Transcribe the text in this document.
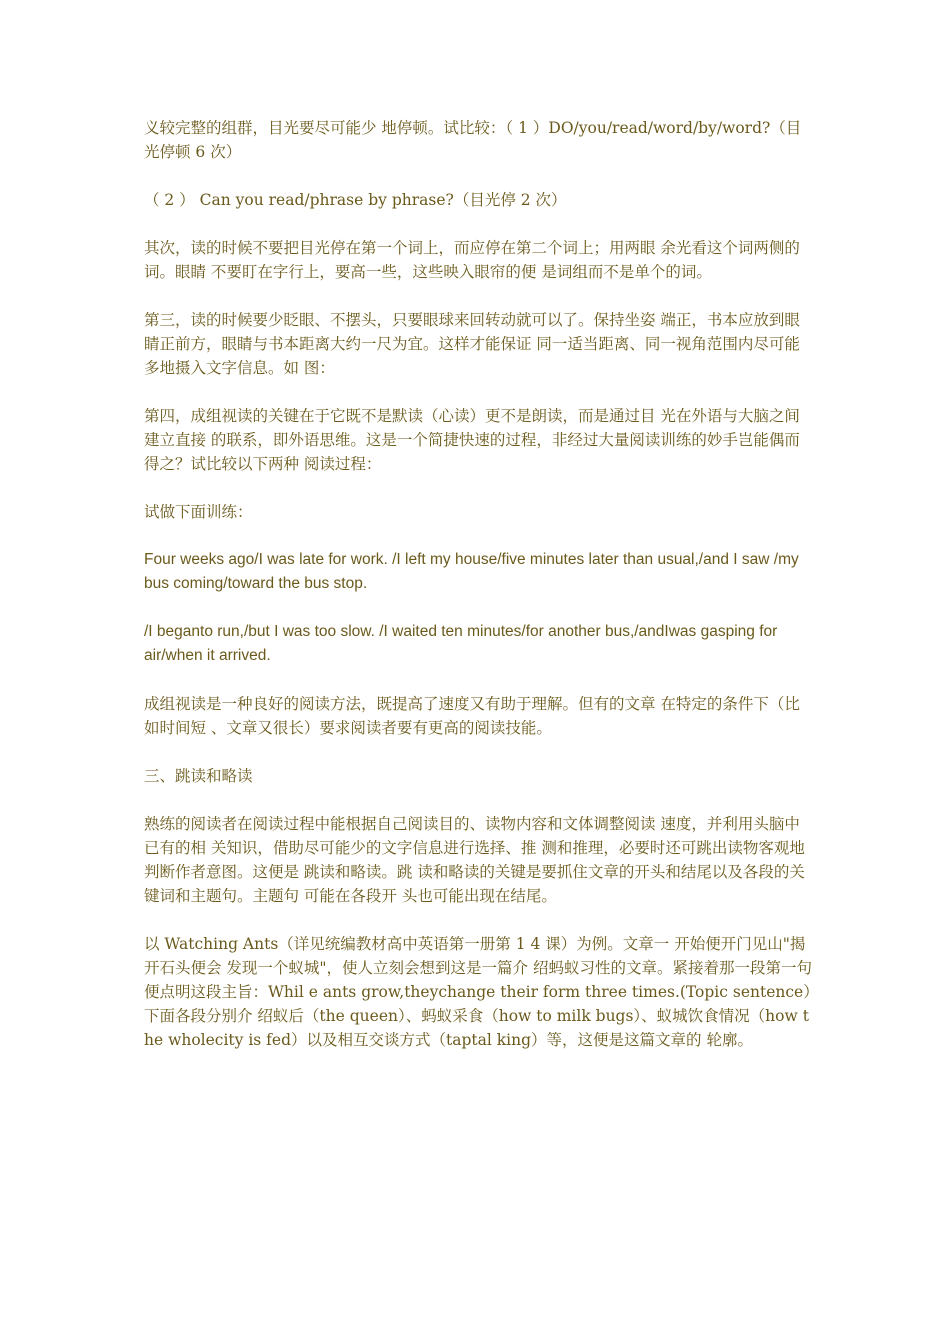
义较完整的组群，目光要尽可能少 地停顿。试比较：（ 1 ）DO/you/read/word/by/word?（目光停顿 6 次）

（ 2 ） Can you read/phrase by phrase?（目光停 2 次）

其次，读的时候不要把目光停在第一个词上，而应停在第二个词上；用两眼 余光看这个词两侧的词。眼睛 不要盯在字行上，要高一些，这些映入眼帘的便 是词组而不是单个的词。

第三，读的时候要少眨眼、不摆头，只要眼球来回转动就可以了。保持坐姿 端正，书本应放到眼睛正前方，眼睛与书本距离大约一尺为宜。这样才能保证 同一适当距离、同一视角范围内尽可能多地摄入文字信息。如 图：

第四，成组视读的关键在于它既不是默读（心读）更不是朗读，而是通过目 光在外语与大脑之间建立直接 的联系，即外语思维。这是一个简捷快速的过程，非经过大量阅读训练的妙手岂能偶而得之？试比较以下两种 阅读过程：

试做下面训练：

Four weeks ago/I was late for work. /I left my house/five minutes later than usual,/and I saw /my bus coming/toward the bus stop.

/I beganto run,/but I was too slow. /I waited ten minutes/for another bus,/andIwas gasping for air/when it arrived.

成组视读是一种良好的阅读方法，既提高了速度又有助于理解。但有的文章 在特定的条件下（比如时间短 、文章又很长）要求阅读者要有更高的阅读技能。

三、跳读和略读

熟练的阅读者在阅读过程中能根据自己阅读目的、读物内容和文体调整阅读 速度，并利用头脑中已有的相 关知识，借助尽可能少的文字信息进行选择、推 测和推理，必要时还可跳出读物客观地判断作者意图。这便是 跳读和略读。跳 读和略读的关键是要抓住文章的开头和结尾以及各段的关键词和主题句。主题句 可能在各段开 头也可能出现在结尾。

以 Watching Ants（详见统编教材高中英语第一册第 1 4 课）为例。文章一 开始便开门见山"揭开石头便会 发现一个蚁城"，使人立刻会想到这是一篇介 绍蚂蚁习性的文章。紧接着那一段第一句便点明这段主旨：Whil e ants grow,theychange their form three times.(Topic sentence）下面各段分别介 绍蚁后（the queen）、蚂蚁采食（how to milk bugs）、蚁城饮食情况（how the wholecity is fed）以及相互交谈方式（taptal king）等，这便是这篇文章的 轮廓。
